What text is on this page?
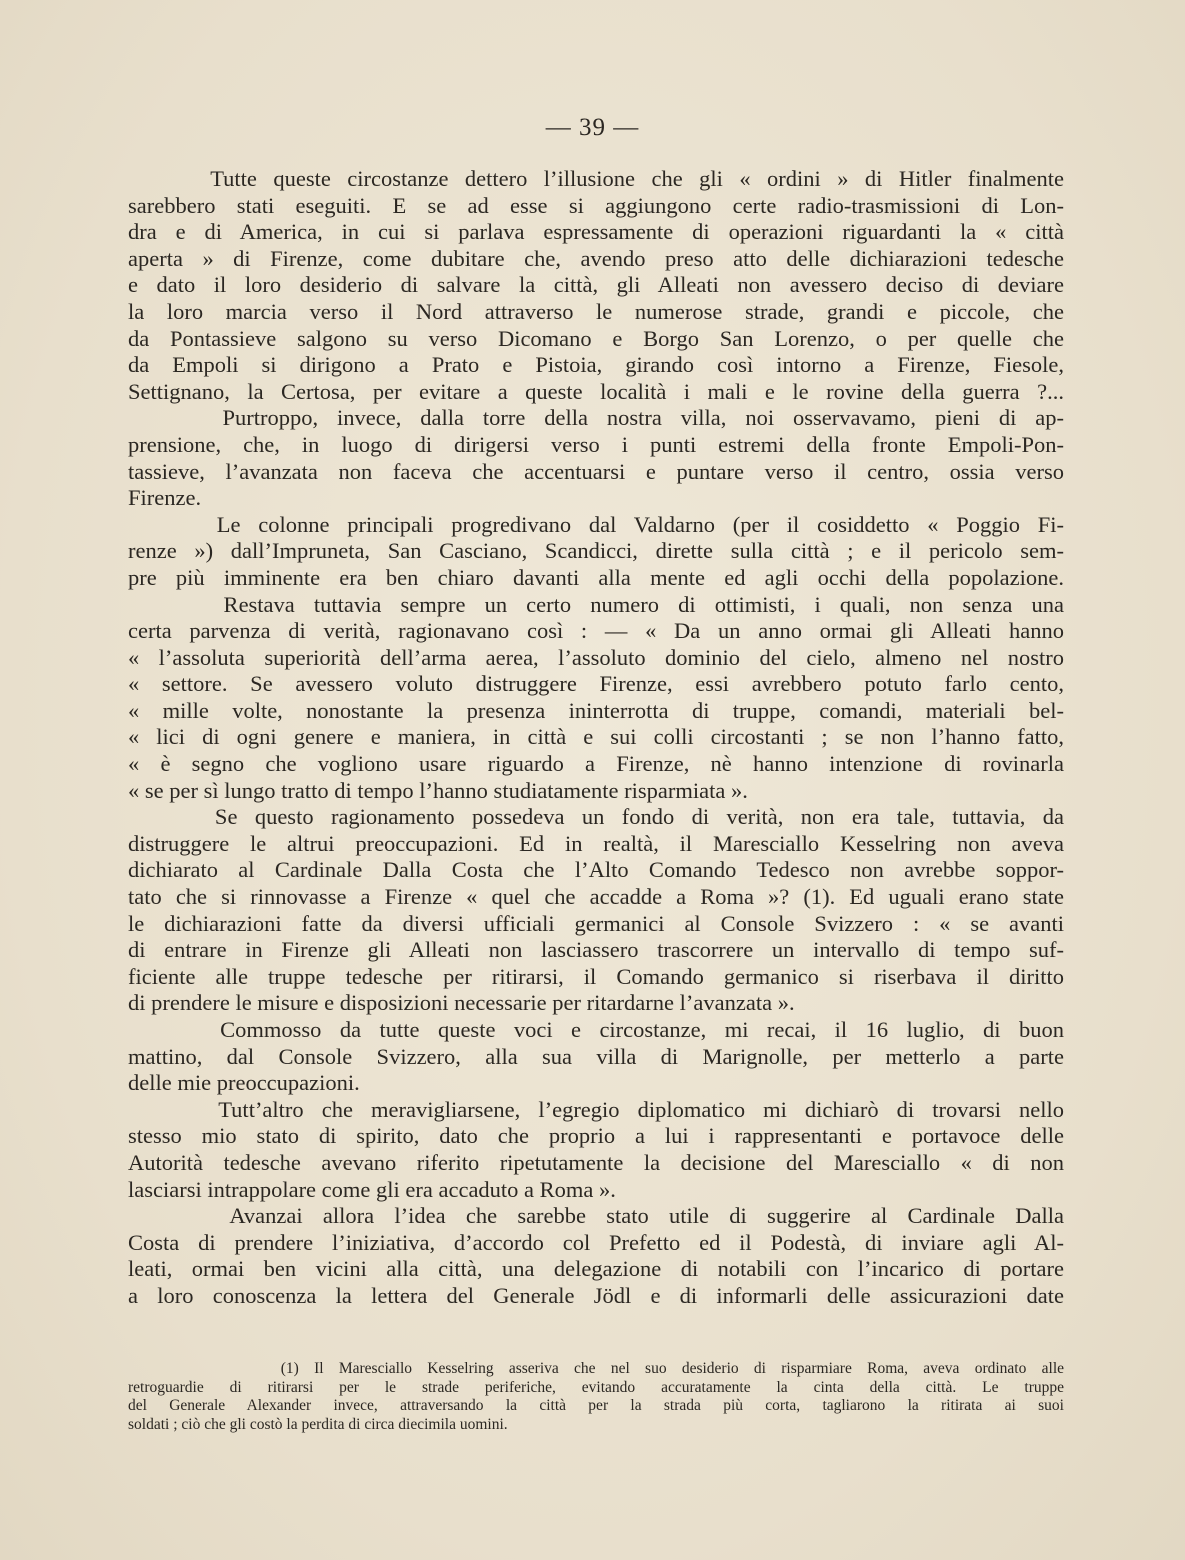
— 39 —
Tutte queste circostanze dettero l’illusione che gli « ordini » di Hitler finalmente
sarebbero stati eseguiti. E se ad esse si aggiungono certe radio-trasmissioni di Lon-
dra e di America, in cui si parlava espressamente di operazioni riguardanti la « città
aperta » di Firenze, come dubitare che, avendo preso atto delle dichiarazioni tedesche
e dato il loro desiderio di salvare la città, gli Alleati non avessero deciso di deviare
la loro marcia verso il Nord attraverso le numerose strade, grandi e piccole, che
da Pontassieve salgono su verso Dicomano e Borgo San Lorenzo, o per quelle che
da Empoli si dirigono a Prato e Pistoia, girando così intorno a Firenze, Fiesole,
Settignano, la Certosa, per evitare a queste località i mali e le rovine della guerra ?...
Purtroppo, invece, dalla torre della nostra villa, noi osservavamo, pieni di ap-
prensione, che, in luogo di dirigersi verso i punti estremi della fronte Empoli-Pon-
tassieve, l’avanzata non faceva che accentuarsi e puntare verso il centro, ossia verso
Firenze.
Le colonne principali progredivano dal Valdarno (per il cosiddetto « Poggio Fi-
renze ») dall’Impruneta, San Casciano, Scandicci, dirette sulla città ; e il pericolo sem-
pre più imminente era ben chiaro davanti alla mente ed agli occhi della popolazione.
Restava tuttavia sempre un certo numero di ottimisti, i quali, non senza una
certa parvenza di verità, ragionavano così : — « Da un anno ormai gli Alleati hanno
« l’assoluta superiorità dell’arma aerea, l’assoluto dominio del cielo, almeno nel nostro
« settore. Se avessero voluto distruggere Firenze, essi avrebbero potuto farlo cento,
« mille volte, nonostante la presenza ininterrotta di truppe, comandi, materiali bel-
« lici di ogni genere e maniera, in città e sui colli circostanti ; se non l’hanno fatto,
« è segno che vogliono usare riguardo a Firenze, nè hanno intenzione di rovinarla
« se per sì lungo tratto di tempo l’hanno studiatamente risparmiata ».
Se questo ragionamento possedeva un fondo di verità, non era tale, tuttavia, da
distruggere le altrui preoccupazioni. Ed in realtà, il Maresciallo Kesselring non aveva
dichiarato al Cardinale Dalla Costa che l’Alto Comando Tedesco non avrebbe soppor-
tato che si rinnovasse a Firenze « quel che accadde a Roma »? (1). Ed uguali erano state
le dichiarazioni fatte da diversi ufficiali germanici al Console Svizzero : « se avanti
di entrare in Firenze gli Alleati non lasciassero trascorrere un intervallo di tempo suf-
ficiente alle truppe tedesche per ritirarsi, il Comando germanico si riserbava il diritto
di prendere le misure e disposizioni necessarie per ritardarne l’avanzata ».
Commosso da tutte queste voci e circostanze, mi recai, il 16 luglio, di buon
mattino, dal Console Svizzero, alla sua villa di Marignolle, per metterlo a parte
delle mie preoccupazioni.
Tutt’altro che meravigliarsene, l’egregio diplomatico mi dichiarò di trovarsi nello
stesso mio stato di spirito, dato che proprio a lui i rappresentanti e portavoce delle
Autorità tedesche avevano riferito ripetutamente la decisione del Maresciallo « di non
lasciarsi intrappolare come gli era accaduto a Roma ».
Avanzai allora l’idea che sarebbe stato utile di suggerire al Cardinale Dalla
Costa di prendere l’iniziativa, d’accordo col Prefetto ed il Podestà, di inviare agli Al-
leati, ormai ben vicini alla città, una delegazione di notabili con l’incarico di portare
a loro conoscenza la lettera del Generale Jödl e di informarli delle assicurazioni date
(1) Il Maresciallo Kesselring asseriva che nel suo desiderio di risparmiare Roma, aveva ordinato alle
retroguardie di ritirarsi per le strade periferiche, evitando accuratamente la cinta della città. Le truppe
del Generale Alexander invece, attraversando la città per la strada più corta, tagliarono la ritirata ai suoi
soldati ; ciò che gli costò la perdita di circa diecimila uomini.
